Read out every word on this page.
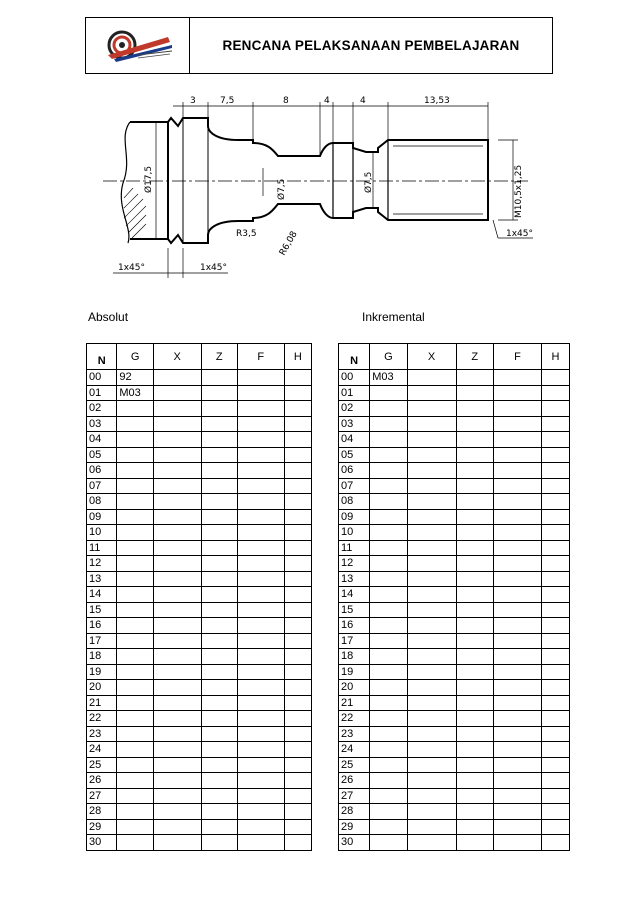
RENCANA PELAKSANAAN PEMBELAJARAN
3	7,5	8	4	4	13,53
Ø17,5	Ø7,5	Ø7,5	M10,5x1,25
R3,5 R6,08
1x45°	1x45°
1x45°
Absolut	Inkremental
N	G	X	Z	F	H
00	92				
01	M03				
02					
03					
04					
05					
06					
07					
08					
09					
10					
11					
12					
13					
14					
15					
16					
17					
18					
19					
20					
21					
22					
23					
24					
25					
26					
27					
28					
29					
30					
N	G	X	Z	F	H
00	M03				
01					
02					
03					
04					
05					
06					
07					
08					
09					
10					
11					
12					
13					
14					
15					
16					
17					
18					
19					
20					
21					
22					
23					
24					
25					
26					
27					
28					
29					
30					
